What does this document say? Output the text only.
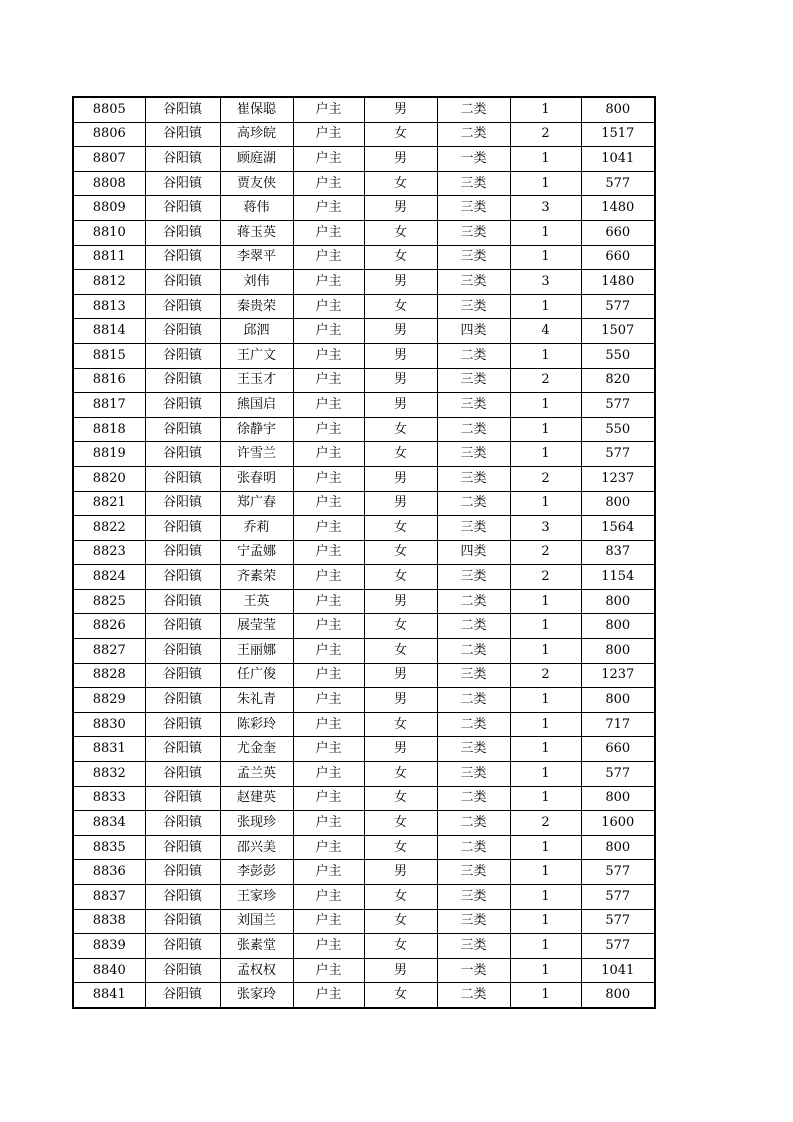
8805	谷阳镇	崔保聪	户主	男	二类	1	800
8806	谷阳镇	高珍皖	户主	女	二类	2	1517
8807	谷阳镇	顾庭湖	户主	男	一类	1	1041
8808	谷阳镇	贾友侠	户主	女	三类	1	577
8809	谷阳镇	蒋伟	户主	男	三类	3	1480
8810	谷阳镇	蒋玉英	户主	女	三类	1	660
8811	谷阳镇	李翠平	户主	女	三类	1	660
8812	谷阳镇	刘伟	户主	男	三类	3	1480
8813	谷阳镇	秦贵荣	户主	女	三类	1	577
8814	谷阳镇	邱泗	户主	男	四类	4	1507
8815	谷阳镇	王广文	户主	男	二类	1	550
8816	谷阳镇	王玉才	户主	男	三类	2	820
8817	谷阳镇	熊国启	户主	男	三类	1	577
8818	谷阳镇	徐静宇	户主	女	二类	1	550
8819	谷阳镇	许雪兰	户主	女	三类	1	577
8820	谷阳镇	张春明	户主	男	三类	2	1237
8821	谷阳镇	郑广春	户主	男	二类	1	800
8822	谷阳镇	乔莉	户主	女	三类	3	1564
8823	谷阳镇	宁孟娜	户主	女	四类	2	837
8824	谷阳镇	齐素荣	户主	女	三类	2	1154
8825	谷阳镇	王英	户主	男	二类	1	800
8826	谷阳镇	展莹莹	户主	女	二类	1	800
8827	谷阳镇	王丽娜	户主	女	二类	1	800
8828	谷阳镇	任广俊	户主	男	三类	2	1237
8829	谷阳镇	朱礼青	户主	男	二类	1	800
8830	谷阳镇	陈彩玲	户主	女	二类	1	717
8831	谷阳镇	尤金奎	户主	男	三类	1	660
8832	谷阳镇	孟兰英	户主	女	三类	1	577
8833	谷阳镇	赵建英	户主	女	二类	1	800
8834	谷阳镇	张现珍	户主	女	二类	2	1600
8835	谷阳镇	邵兴美	户主	女	二类	1	800
8836	谷阳镇	李彭彭	户主	男	三类	1	577
8837	谷阳镇	王家珍	户主	女	三类	1	577
8838	谷阳镇	刘国兰	户主	女	三类	1	577
8839	谷阳镇	张素堂	户主	女	三类	1	577
8840	谷阳镇	孟权权	户主	男	一类	1	1041
8841	谷阳镇	张家玲	户主	女	二类	1	800
